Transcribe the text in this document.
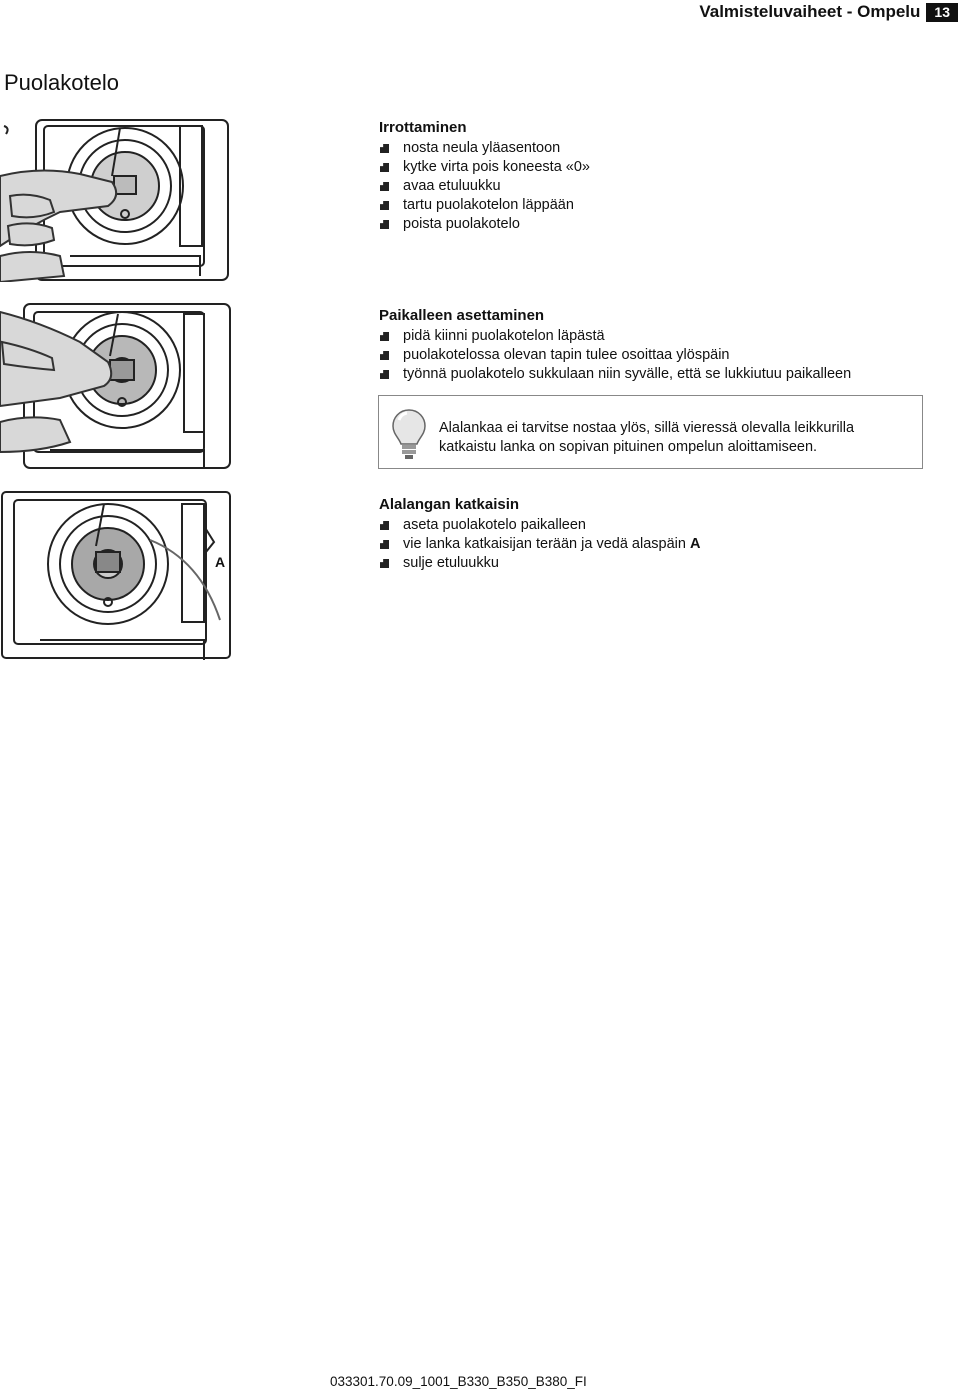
Valmisteluvaiheet - Ompelu	13
Puolakotelo
A
Irrottaminen
nosta neula yläasentoon
kytke virta pois koneesta «0»
avaa etuluukku
tartu puolakotelon läppään
poista puolakotelo
Paikalleen asettaminen
pidä kiinni puolakotelon läpästä
puolakotelossa olevan tapin tulee osoittaa ylöspäin
työnnä puolakotelo sukkulaan niin syvälle, että se lukkiutuu paikalleen
Alalankaa ei tarvitse nostaa ylös, sillä vieressä olevalla leikkurilla katkaistu lanka on sopivan pituinen ompelun aloittamiseen.
Alalangan katkaisin
aseta puolakotelo paikalleen
vie lanka katkaisijan terään ja vedä alaspäin A
sulje etuluukku
033301.70.09_1001_B330_B350_B380_FI
